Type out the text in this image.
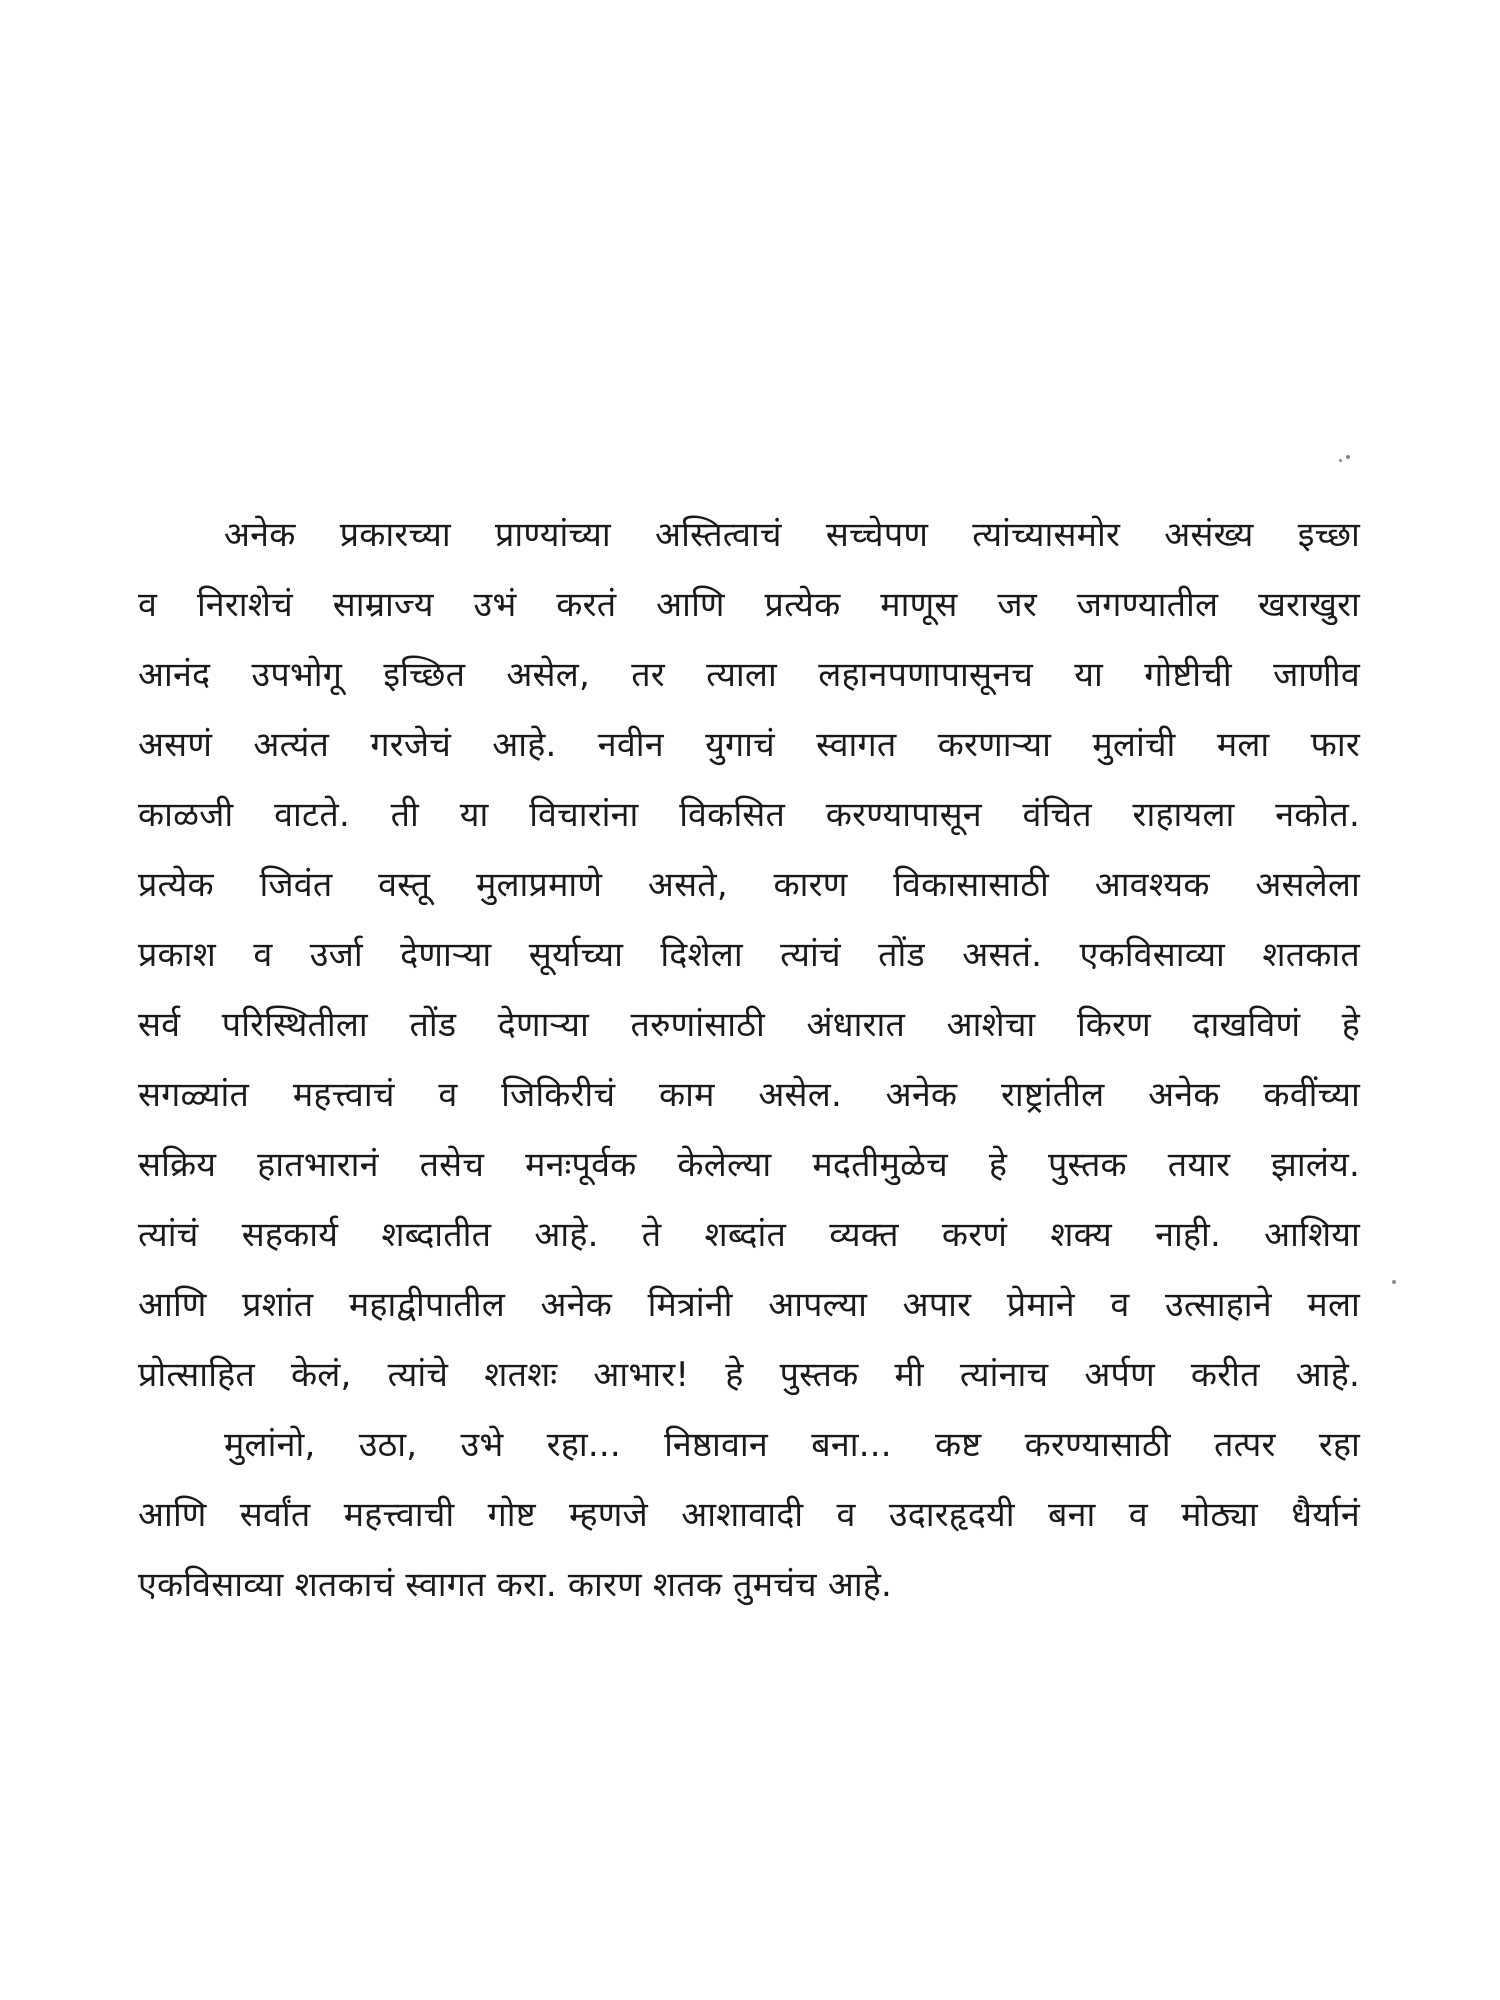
अनेक प्रकारच्या प्राण्यांच्या अस्तित्वाचं सच्चेपण त्यांच्यासमोर असंख्य इच्छा
व निराशेचं साम्राज्य उभं करतं आणि प्रत्येक माणूस जर जगण्यातील खराखुरा
आनंद उपभोगू इच्छित असेल, तर त्याला लहानपणापासूनच या गोष्टीची जाणीव
असणं अत्यंत गरजेचं आहे. नवीन युगाचं स्वागत करणाऱ्या मुलांची मला फार
काळजी वाटते. ती या विचारांना विकसित करण्यापासून वंचित राहायला नकोत.
प्रत्येक जिवंत वस्तू मुलाप्रमाणे असते, कारण विकासासाठी आवश्यक असलेला
प्रकाश व उर्जा देणाऱ्या सूर्याच्या दिशेला त्यांचं तोंड असतं. एकविसाव्या शतकात
सर्व परिस्थितीला तोंड देणाऱ्या तरुणांसाठी अंधारात आशेचा किरण दाखविणं हे
सगळ्यांत महत्त्वाचं व जिकिरीचं काम असेल. अनेक राष्ट्रांतील अनेक कवींच्या
सक्रिय हातभारानं तसेच मनःपूर्वक केलेल्या मदतीमुळेच हे पुस्तक तयार झालंय.
त्यांचं सहकार्य शब्दातीत आहे. ते शब्दांत व्यक्त करणं शक्य नाही. आशिया
आणि प्रशांत महाद्वीपातील अनेक मित्रांनी आपल्या अपार प्रेमाने व उत्साहाने मला
प्रोत्साहित केलं, त्यांचे शतशः आभार! हे पुस्तक मी त्यांनाच अर्पण करीत आहे.
मुलांनो, उठा, उभे रहा... निष्ठावान बना... कष्ट करण्यासाठी तत्पर रहा
आणि सर्वांत महत्त्वाची गोष्ट म्हणजे आशावादी व उदारहृदयी बना व मोठ्या धैर्यानं
एकविसाव्या शतकाचं स्वागत करा. कारण शतक तुमचंच आहे.
